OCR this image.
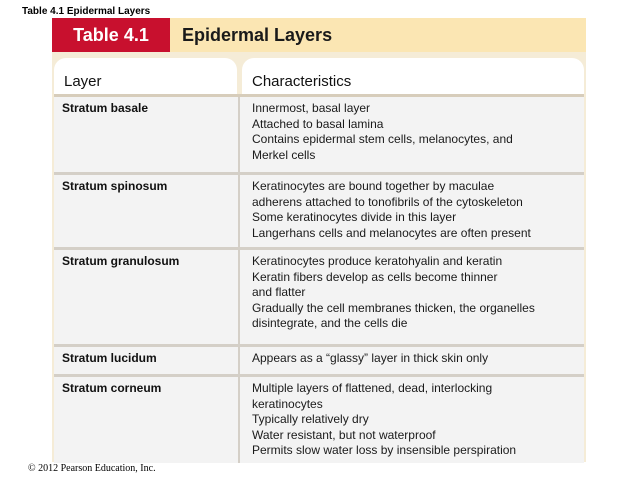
Table 4.1 Epidermal Layers
Table 4.1	Epidermal Layers
Layer	Characteristics
Stratum basale	Innermost, basal layer
Attached to basal lamina
Contains epidermal stem cells, melanocytes, and
Merkel cells
Stratum spinosum	Keratinocytes are bound together by maculae
adherens attached to tonofibrils of the cytoskeleton
Some keratinocytes divide in this layer
Langerhans cells and melanocytes are often present
Stratum granulosum	Keratinocytes produce keratohyalin and keratin
Keratin fibers develop as cells become thinner
and flatter
Gradually the cell membranes thicken, the organelles
disintegrate, and the cells die
Stratum lucidum	Appears as a “glassy” layer in thick skin only
Stratum corneum	Multiple layers of flattened, dead, interlocking
keratinocytes
Typically relatively dry
Water resistant, but not waterproof
Permits slow water loss by insensible perspiration
© 2012 Pearson Education, Inc.
